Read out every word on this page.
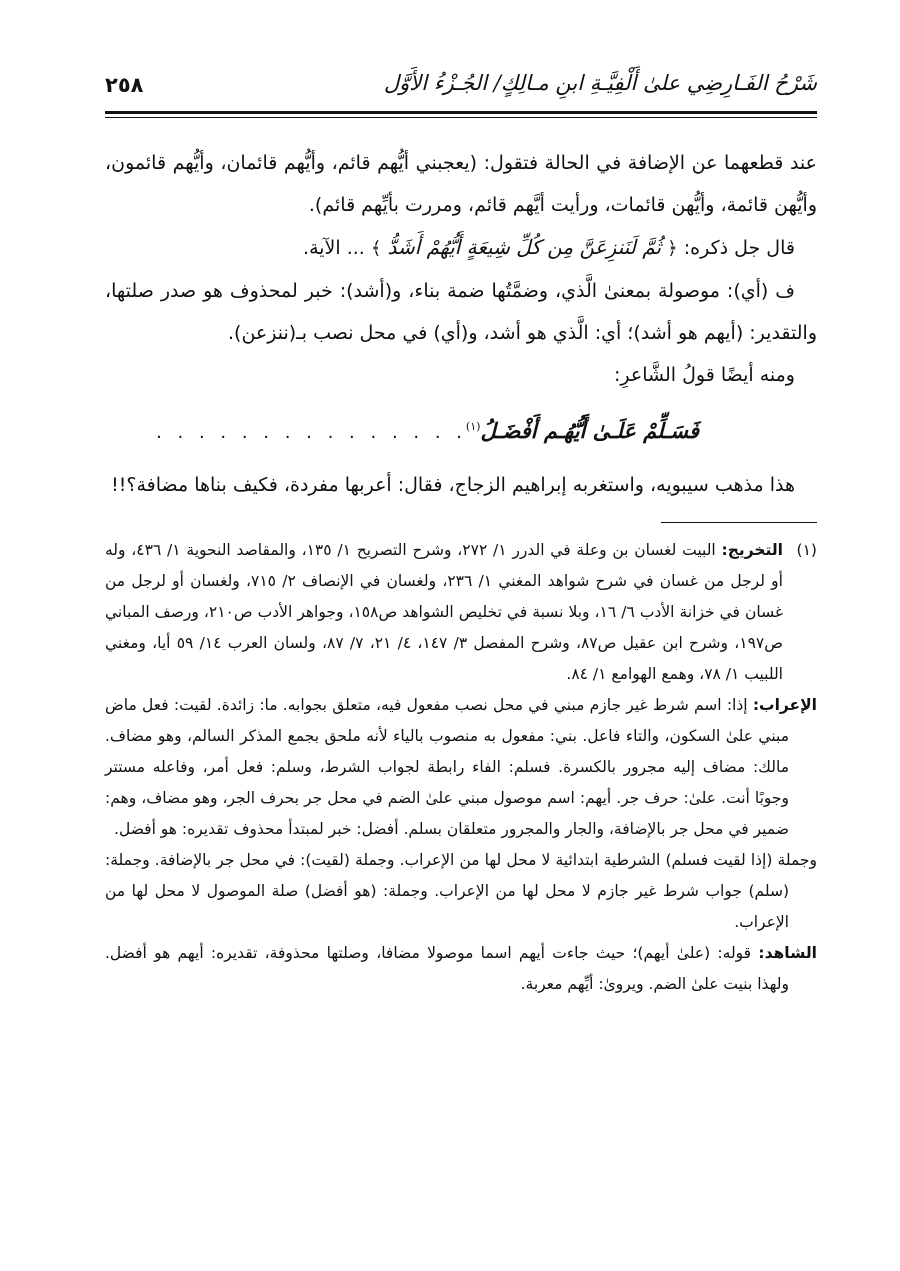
شَرْحُ الفَـارِضِي علىٰ أَلْفِيَّـةِ ابنِ مـالِكٍ/ الجُـزْءُ الأَوَّل
٢٥٨

عند قطعهما عن الإضافة في الحالة فتقول: (يعجبني أيُّهم قائم، وأيُّهم قائمان، وأيُّهم قائمون، وأيُّهن قائمة، وأيُّهن قائمات، ورأيت أيَّهم قائم، ومررت بأيِّهم قائم).

قال جل ذكره: ﴿ ثُمَّ لَنَنزِعَنَّ مِن كُلِّ شِيعَةٍ أَيُّهُمْ أَشَدُّ ﴾ ... الآية.

ف (أي): موصولة بمعنىٰ الَّذي، وضمَّتُها ضمة بناء، و(أشد): خبر لمحذوف هو صدر صلتها، والتقدير: (أيهم هو أشد)؛ أي: الَّذي هو أشد، و(أي) في محل نصب بـ(ننزعن).

ومنه أيضًا قولُ الشَّاعرِ:

فَسَـلِّمْ عَلَـىٰ أَيُّهُـم أَفْضَـلُ$^{(١)}$
. . . . . . . . . . . . . . .

هذا مذهب سيبويه، واستغربه إبراهيم الزجاج، فقال: أعربها مفردة، فكيف بناها مضافة؟!!

(١)التخريج: البيت لغسان بن وعلة في الدرر ١/ ٢٧٢، وشرح التصريح ١/ ١٣٥، والمقاصد النحوية ١/ ٤٣٦، وله أو لرجل من غسان في شرح شواهد المغني ١/ ٢٣٦، ولغسان في الإنصاف ٢/ ٧١٥، ولغسان أو لرجل من غسان في خزانة الأدب ٦/ ١٦، وبلا نسبة في تخليص الشواهد ص١٥٨، وجواهر الأدب ص٢١٠، ورصف المباني ص١٩٧، وشرح ابن عقيل ص٨٧، وشرح المفصل ٣/ ١٤٧، ٤/ ٢١، ٧/ ٨٧، ولسان العرب ١٤/ ٥٩ أيا، ومغني اللبيب ١/ ٧٨، وهمع الهوامع ١/ ٨٤.

الإعراب: إذا: اسم شرط غير جازم مبني في محل نصب مفعول فيه، متعلق بجوابه. ما: زائدة. لقيت: فعل ماض مبني علىٰ السكون، والتاء فاعل. بني: مفعول به منصوب بالياء لأنه ملحق بجمع المذكر السالم، وهو مضاف. مالك: مضاف إليه مجرور بالكسرة. فسلم: الفاء رابطة لجواب الشرط، وسلم: فعل أمر، وفاعله مستتر وجوبًا أنت. علىٰ: حرف جر. أيهم: اسم موصول مبني علىٰ الضم في محل جر بحرف الجر، وهو مضاف، وهم: ضمير في محل جر بالإضافة، والجار والمجرور متعلقان بسلم. أفضل: خبر لمبتدأ محذوف تقديره: هو أفضل.

وجملة (إذا لقيت فسلم) الشرطية ابتدائية لا محل لها من الإعراب. وجملة (لقيت): في محل جر بالإضافة. وجملة: (سلم) جواب شرط غير جازم لا محل لها من الإعراب. وجملة: (هو أفضل) صلة الموصول لا محل لها من الإعراب.

الشاهد: قوله: (علىٰ أيهم)؛ حيث جاءت أيهم اسما موصولا مضافا، وصلتها محذوفة، تقديره: أيهم هو أفضل. ولهذا بنيت علىٰ الضم. ويروىٰ: أيِّهم معربة.
